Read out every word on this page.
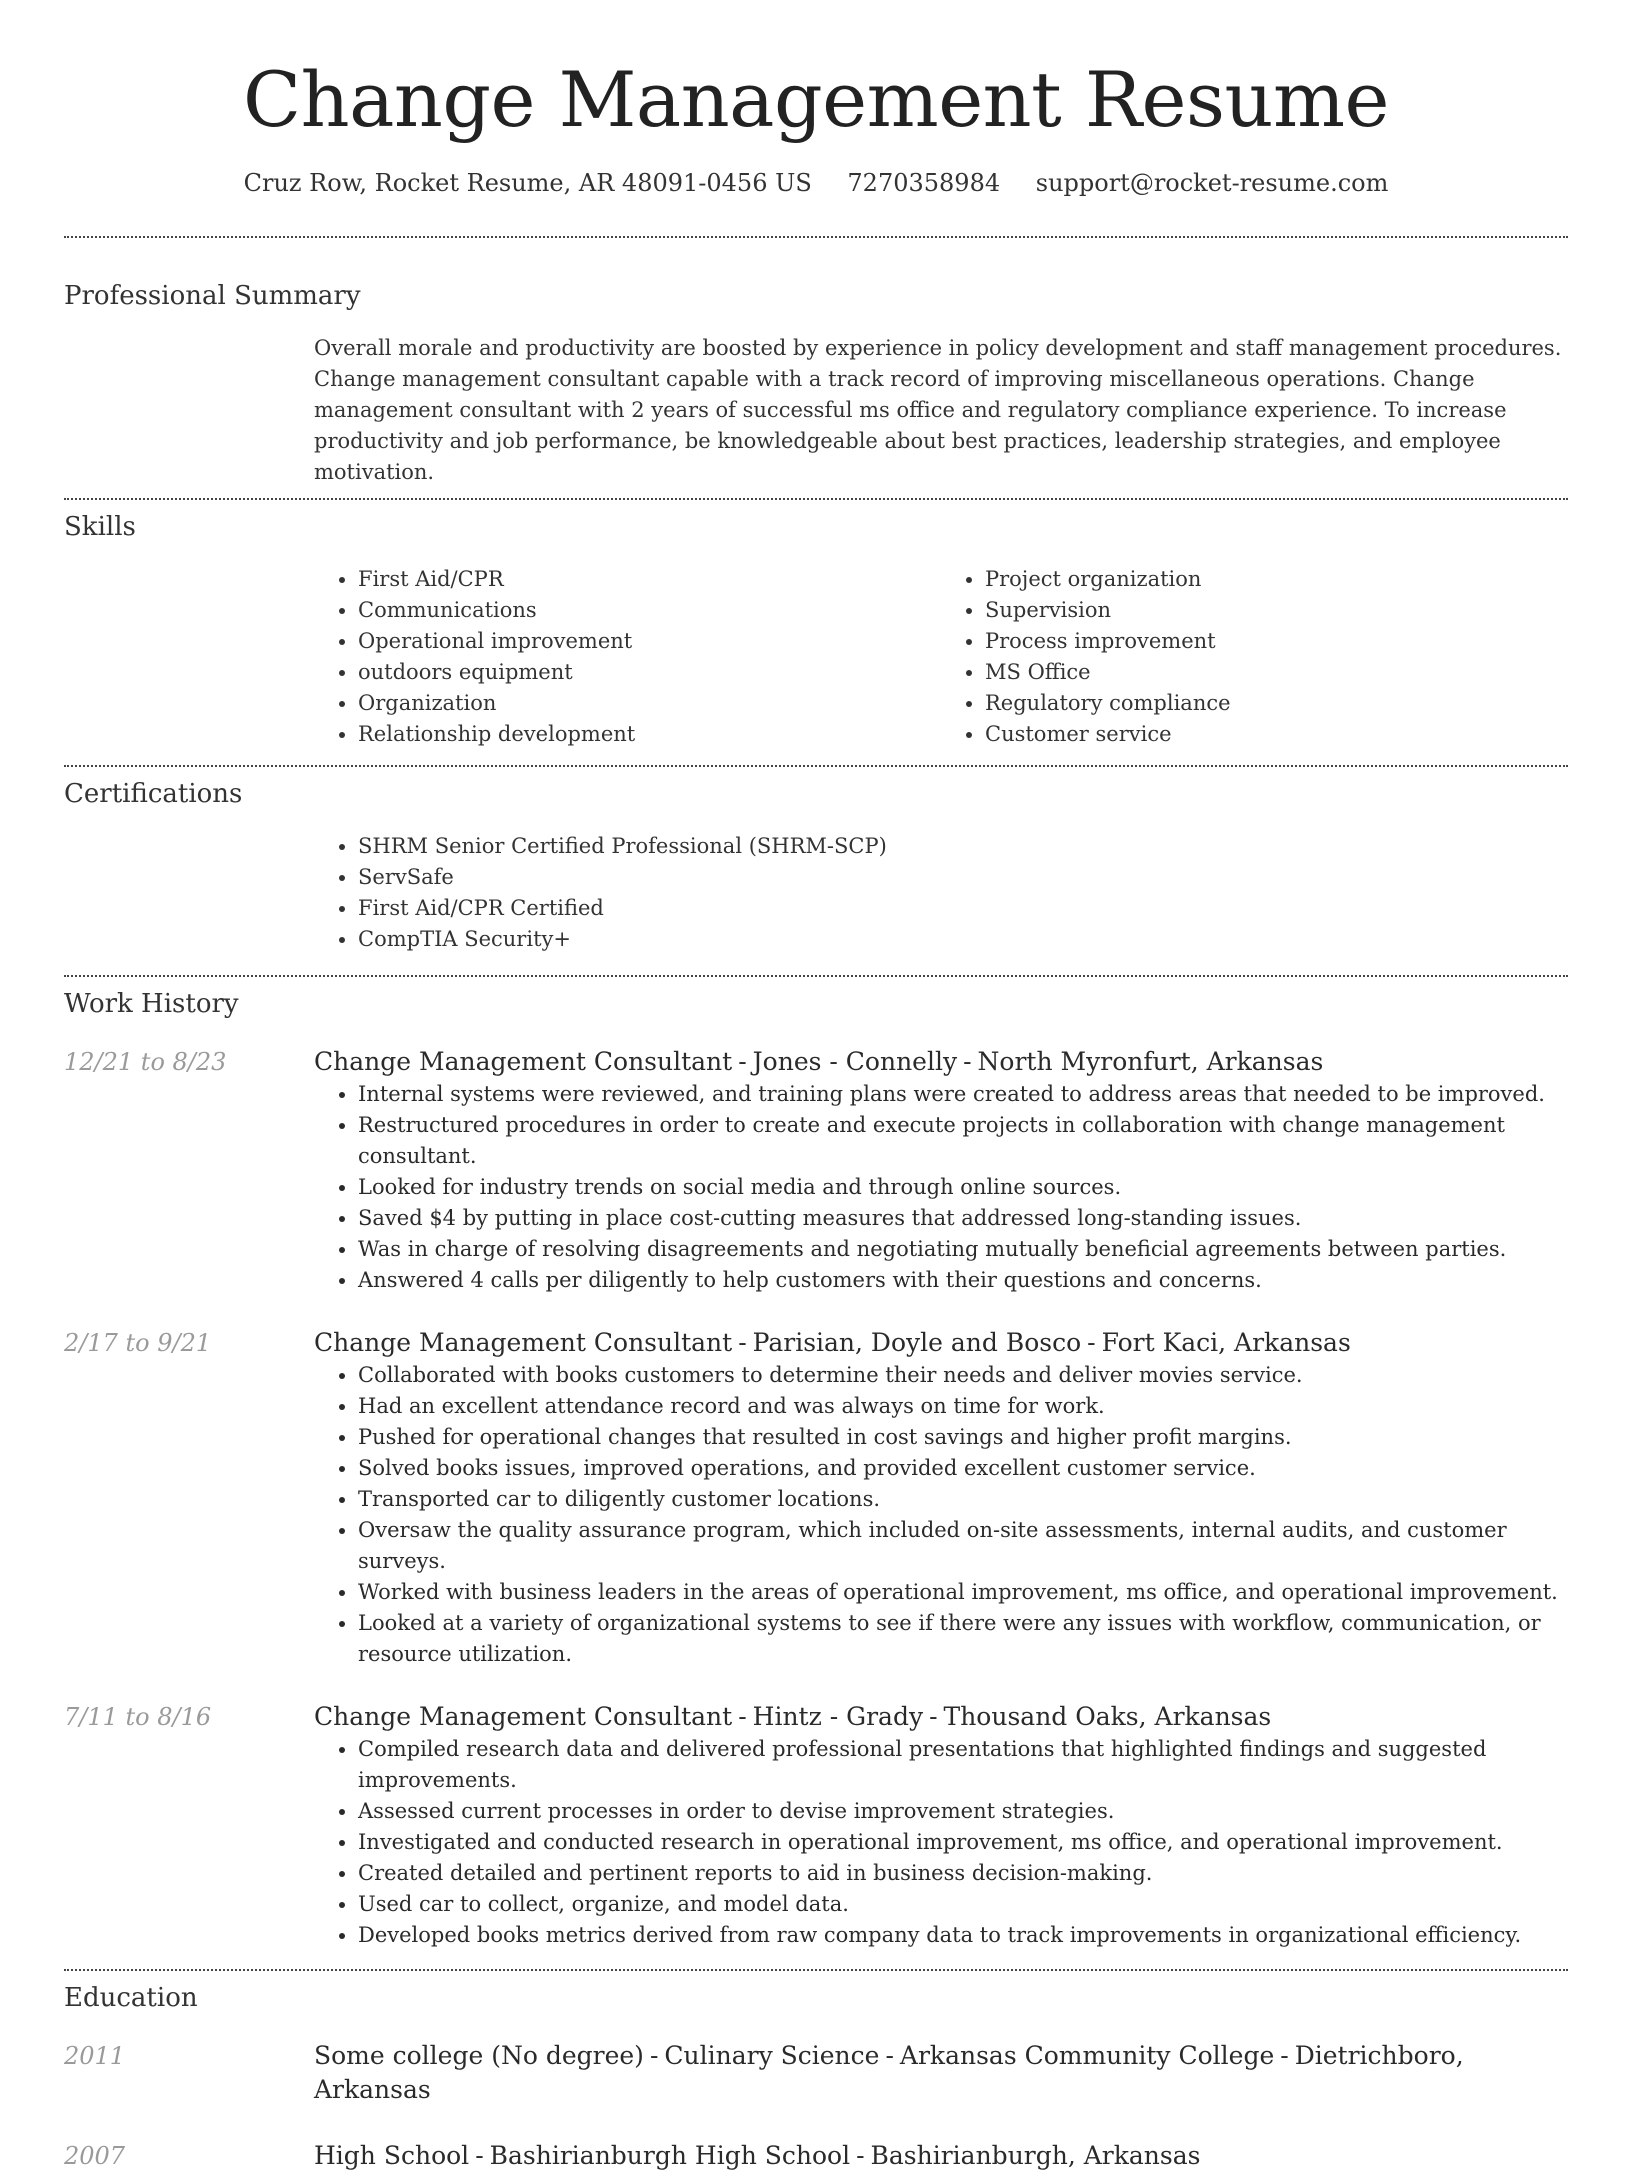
Change Management Resume
Cruz Row, Rocket Resume, AR 48091-0456 US 7270358984 support@rocket-resume.com
Professional Summary

Overall morale and productivity are boosted by experience in policy development and staff management procedures. Change management consultant capable with a track record of improving miscellaneous operations. Change management consultant with 2 years of successful ms office and regulatory compliance experience. To increase productivity and job performance, be knowledgeable about best practices, leadership strategies, and employee motivation.

Skills
• First Aid/CPR
• Communications
• Operational improvement
• outdoors equipment
• Organization
• Relationship development
• Project organization
• Supervision
• Process improvement
• MS Office
• Regulatory compliance
• Customer service
Certifications
• SHRM Senior Certified Professional (SHRM-SCP)
• ServSafe
• First Aid/CPR Certified
• CompTIA Security+
Work History
12/21 to 8/23	Change Management Consultant - Jones - Connelly - North Myronfurt, Arkansas
• Internal systems were reviewed, and training plans were created to address areas that needed to be improved.
• Restructured procedures in order to create and execute projects in collaboration with change management consultant.
• Looked for industry trends on social media and through online sources.
• Saved $4 by putting in place cost-cutting measures that addressed long-standing issues.
• Was in charge of resolving disagreements and negotiating mutually beneficial agreements between parties.
• Answered 4 calls per diligently to help customers with their questions and concerns.
2/17 to 9/21	Change Management Consultant - Parisian, Doyle and Bosco - Fort Kaci, Arkansas
• Collaborated with books customers to determine their needs and deliver movies service.
• Had an excellent attendance record and was always on time for work.
• Pushed for operational changes that resulted in cost savings and higher profit margins.
• Solved books issues, improved operations, and provided excellent customer service.
• Transported car to diligently customer locations.
• Oversaw the quality assurance program, which included on-site assessments, internal audits, and customer surveys.
• Worked with business leaders in the areas of operational improvement, ms office, and operational improvement.
• Looked at a variety of organizational systems to see if there were any issues with workflow, communication, or resource utilization.
7/11 to 8/16	Change Management Consultant - Hintz - Grady - Thousand Oaks, Arkansas
• Compiled research data and delivered professional presentations that highlighted findings and suggested improvements.
• Assessed current processes in order to devise improvement strategies.
• Investigated and conducted research in operational improvement, ms office, and operational improvement.
• Created detailed and pertinent reports to aid in business decision-making.
• Used car to collect, organize, and model data.
• Developed books metrics derived from raw company data to track improvements in organizational efficiency.
Education
2011	Some college (No degree) - Culinary Science - Arkansas Community College - Dietrichboro, Arkansas
2007	High School - Bashirianburgh High School - Bashirianburgh, Arkansas
